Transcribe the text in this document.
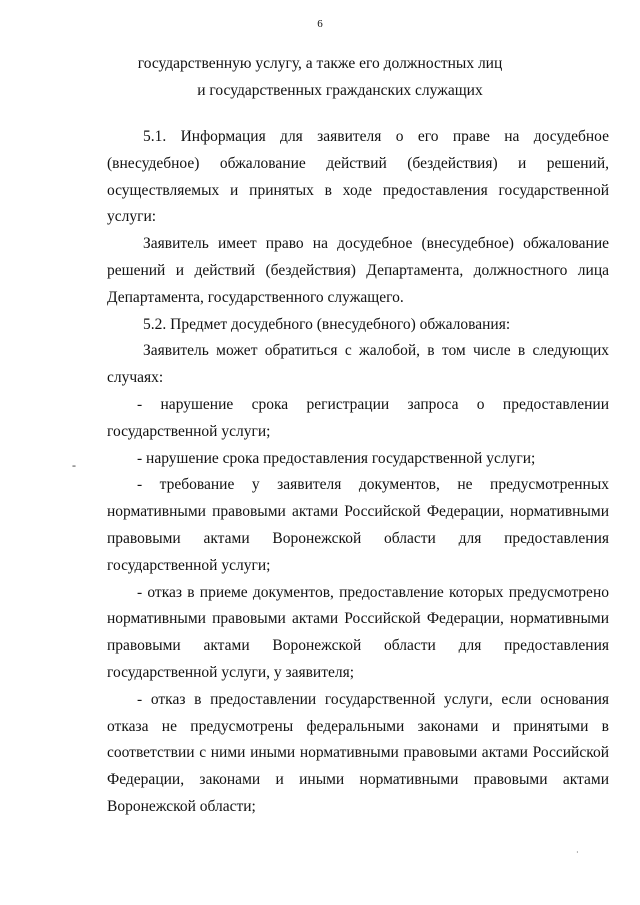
6
государственную услугу, а также его должностных лиц
и государственных гражданских служащих

5.1. Информация для заявителя о его праве на досудебное (внесудебное) обжалование действий (бездействия) и решений, осуществляемых и принятых в ходе предоставления государственной услуги:

Заявитель имеет право на досудебное (внесудебное) обжалование решений и действий (бездействия) Департамента, должностного лица Департамента, государственного служащего.

5.2. Предмет досудебного (внесудебного) обжалования:

Заявитель может обратиться с жалобой, в том числе в следующих случаях:

- нарушение срока регистрации запроса о предоставлении государственной услуги;

- нарушение срока предоставления государственной услуги;

- требование у заявителя документов, не предусмотренных нормативными правовыми актами Российской Федерации, нормативными правовыми актами Воронежской области для предоставления государственной услуги;

- отказ в приеме документов, предоставление которых предусмотрено нормативными правовыми актами Российской Федерации, нормативными правовыми актами Воронежской области для предоставления государственной услуги, у заявителя;

- отказ в предоставлении государственной услуги, если основания отказа не предусмотрены федеральными законами и принятыми в соответствии с ними иными нормативными правовыми актами Российской Федерации, законами и иными нормативными правовыми актами Воронежской области;

-
·
